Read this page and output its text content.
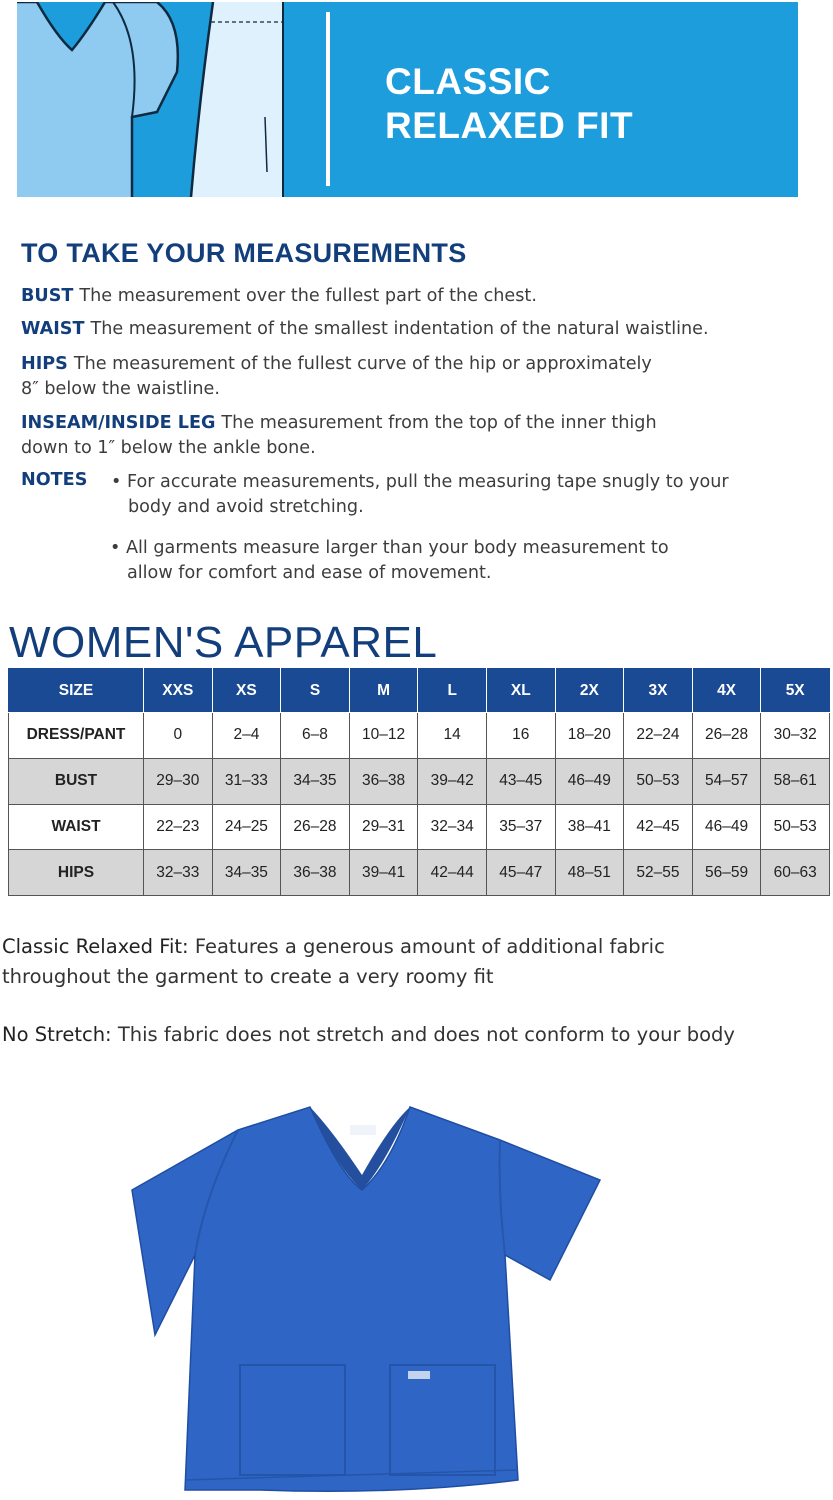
CLASSIC
RELAXED FIT
TO TAKE YOUR MEASUREMENTS
BUST The measurement over the fullest part of the chest.
WAIST The measurement of the smallest indentation of the natural waistline.
HIPS The measurement of the fullest curve of the hip or approximately
8″ below the waistline.
INSEAM/INSIDE LEG The measurement from the top of the inner thigh
down to 1″ below the ankle bone.
NOTES • For accurate measurements, pull the measuring tape snugly to your
body and avoid stretching.
• All garments measure larger than your body measurement to
allow for comfort and ease of movement.
WOMEN'S APPAREL
SIZE	XXS	XS	S	M	L	XL	2X	3X	4X	5X
DRESS/PANT	0	2–4	6–8	10–12	14	16	18–20	22–24	26–28	30–32
BUST	29–30	31–33	34–35	36–38	39–42	43–45	46–49	50–53	54–57	58–61
WAIST	22–23	24–25	26–28	29–31	32–34	35–37	38–41	42–45	46–49	50–53
HIPS	32–33	34–35	36–38	39–41	42–44	45–47	48–51	52–55	56–59	60–63
Classic Relaxed Fit: Features a generous amount of additional fabric
throughout the garment to create a very roomy fit
No Stretch: This fabric does not stretch and does not conform to your body
